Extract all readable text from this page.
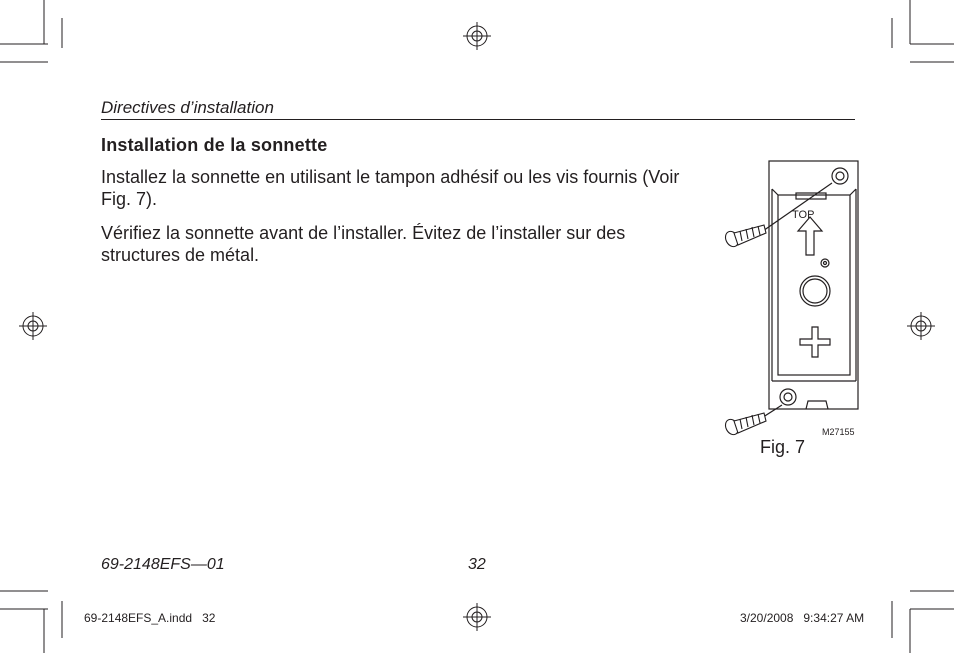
Directives d’installation
Installation de la sonnette
Installez la sonnette en utilisant le tampon adhésif ou les vis fournis (Voir Fig. 7).
Vérifiez la sonnette avant de l’installer. Évitez de l’installer sur des structures de métal.
TOP
M27155
Fig. 7
69-2148EFS—01	32
69-2148EFS_A.indd   32	3/20/2008   9:34:27 AM
